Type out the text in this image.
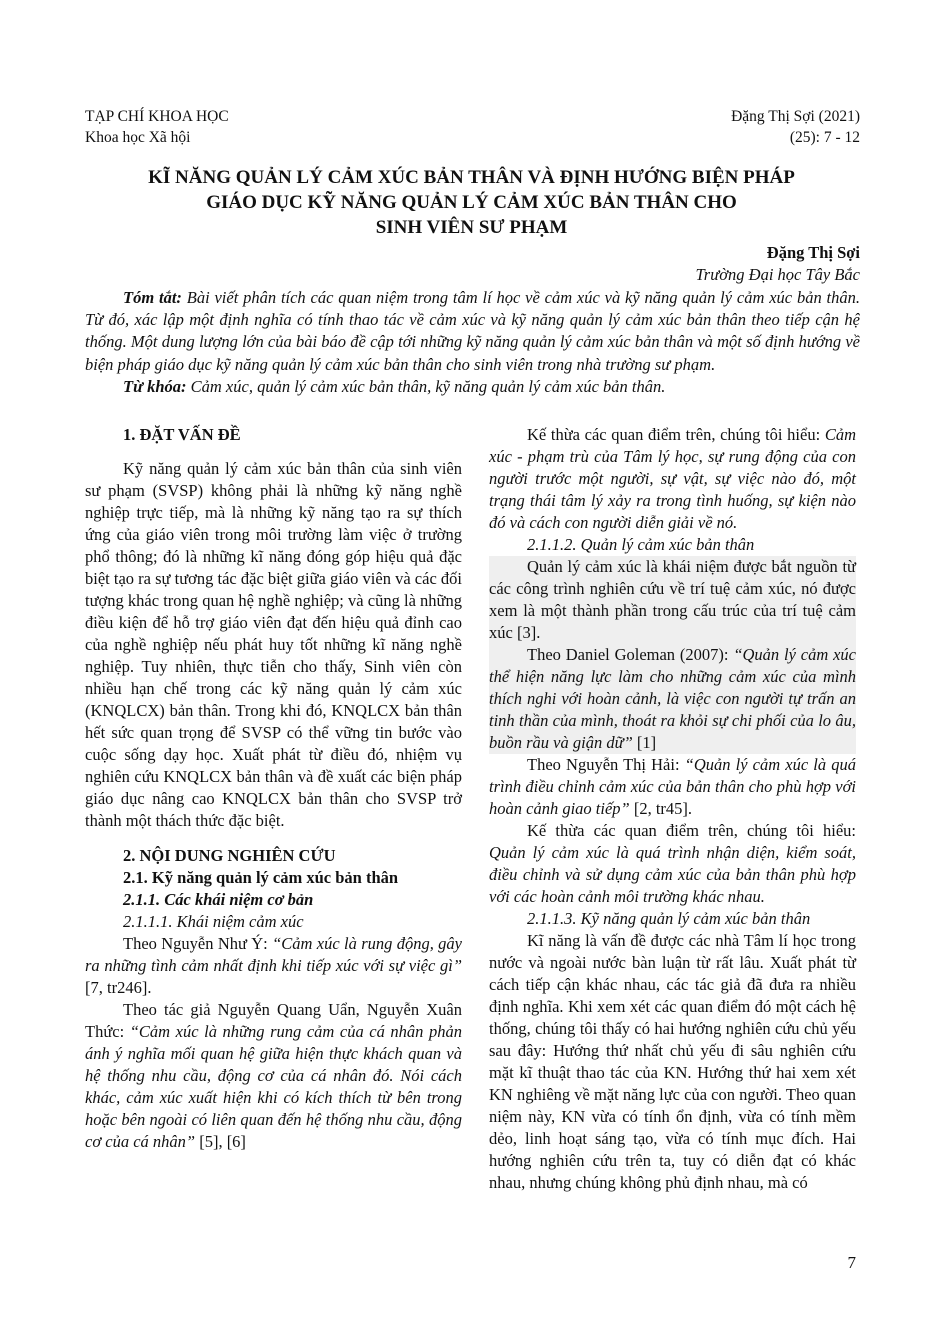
TẠP CHÍ KHOA HỌC
Khoa học Xã hội
Đặng Thị Sợi (2021)
(25): 7 - 12
KĨ NĂNG QUẢN LÝ CẢM XÚC BẢN THÂN VÀ ĐỊNH HƯỚNG BIỆN PHÁP
GIÁO DỤC KỸ NĂNG QUẢN LÝ CẢM XÚC BẢN THÂN CHO
SINH VIÊN SƯ PHẠM
Đặng Thị Sợi
Trường Đại học Tây Bắc

Tóm tắt: Bài viết phân tích các quan niệm trong tâm lí học về cảm xúc và kỹ năng quản lý cảm xúc bản thân. Từ đó, xác lập một định nghĩa có tính thao tác về cảm xúc và kỹ năng quản lý cảm xúc bản thân theo tiếp cận hệ thống. Một dung lượng lớn của bài báo đề cập tới những kỹ năng quản lý cảm xúc bản thân và một số định hướng về biện pháp giáo dục kỹ năng quản lý cảm xúc bản thân cho sinh viên trong nhà trường sư phạm.

Từ khóa: Cảm xúc, quản lý cảm xúc bản thân, kỹ năng quản lý cảm xúc bản thân.

1. ĐẶT VẤN ĐỀ

Kỹ năng quản lý cảm xúc bản thân của sinh viên sư phạm (SVSP) không phải là những kỹ năng nghề nghiệp trực tiếp, mà là những kỹ năng tạo ra sự thích ứng của giáo viên trong môi trường làm việc ở trường phổ thông; đó là những kĩ năng đóng góp hiệu quả đặc biệt tạo ra sự tương tác đặc biệt giữa giáo viên và các đối tượng khác trong quan hệ nghề nghiệp; và cũng là những điều kiện để hỗ trợ giáo viên đạt đến hiệu quả đỉnh cao của nghề nghiệp nếu phát huy tốt những kĩ năng nghề nghiệp. Tuy nhiên, thực tiễn cho thấy, Sinh viên còn nhiều hạn chế trong các kỹ năng quản lý cảm xúc (KNQLCX) bản thân. Trong khi đó, KNQLCX bản thân hết sức quan trọng để SVSP có thể vững tin bước vào cuộc sống dạy học. Xuất phát từ điều đó, nhiệm vụ nghiên cứu KNQLCX bản thân và đề xuất các biện pháp giáo dục nâng cao KNQLCX bản thân cho SVSP trở thành một thách thức đặc biệt.

2. NỘI DUNG NGHIÊN CỨU
2.1. Kỹ năng quản lý cảm xúc bản thân
2.1.1. Các khái niệm cơ bản
2.1.1.1. Khái niệm cảm xúc

Theo Nguyễn Như Ý: “Cảm xúc là rung động, gây ra những tình cảm nhất định khi tiếp xúc với sự việc gì” [7, tr246].

Theo tác giả Nguyễn Quang Uẩn, Nguyễn Xuân Thức: “Cảm xúc là những rung cảm của cá nhân phản ánh ý nghĩa mối quan hệ giữa hiện thực khách quan và hệ thống nhu cầu, động cơ của cá nhân đó. Nói cách khác, cảm xúc xuất hiện khi có kích thích từ bên trong hoặc bên ngoài có liên quan đến hệ thống nhu cầu, động cơ của cá nhân” [5], [6]

Kế thừa các quan điểm trên, chúng tôi hiểu: Cảm xúc - phạm trù của Tâm lý học, sự rung động của con người trước một người, sự vật, sự việc nào đó, một trạng thái tâm lý xảy ra trong tình huống, sự kiện nào đó và cách con người diễn giải về nó.

2.1.1.2. Quản lý cảm xúc bản thân

Quản lý cảm xúc là khái niệm được bắt nguồn từ các công trình nghiên cứu về trí tuệ cảm xúc, nó được xem là một thành phần trong cấu trúc của trí tuệ cảm xúc [3].

Theo Daniel Goleman (2007): “Quản lý cảm xúc thể hiện năng lực làm cho những cảm xúc của mình thích nghi với hoàn cảnh, là việc con người tự trấn an tinh thần của mình, thoát ra khỏi sự chi phối của lo âu, buồn rầu và giận dữ” [1]

Theo Nguyễn Thị Hải: “Quản lý cảm xúc là quá trình điều chỉnh cảm xúc của bản thân cho phù hợp với hoàn cảnh giao tiếp” [2, tr45].

Kế thừa các quan điểm trên, chúng tôi hiểu: Quản lý cảm xúc là quá trình nhận diện, kiểm soát, điều chỉnh và sử dụng cảm xúc của bản thân phù hợp với các hoàn cảnh môi trường khác nhau.

2.1.1.3. Kỹ năng quản lý cảm xúc bản thân

Kĩ năng là vấn đề được các nhà Tâm lí học trong nước và ngoài nước bàn luận từ rất lâu. Xuất phát từ cách tiếp cận khác nhau, các tác giả đã đưa ra nhiều định nghĩa. Khi xem xét các quan điểm đó một cách hệ thống, chúng tôi thấy có hai hướng nghiên cứu chủ yếu sau đây: Hướng thứ nhất chủ yếu đi sâu nghiên cứu mặt kĩ thuật thao tác của KN. Hướng thứ hai xem xét KN nghiêng về mặt năng lực của con người. Theo quan niệm này, KN vừa có tính ổn định, vừa có tính mềm dẻo, linh hoạt sáng tạo, vừa có tính mục đích. Hai hướng nghiên cứu trên ta, tuy có diễn đạt có khác nhau, nhưng chúng không phủ định nhau, mà có

7
